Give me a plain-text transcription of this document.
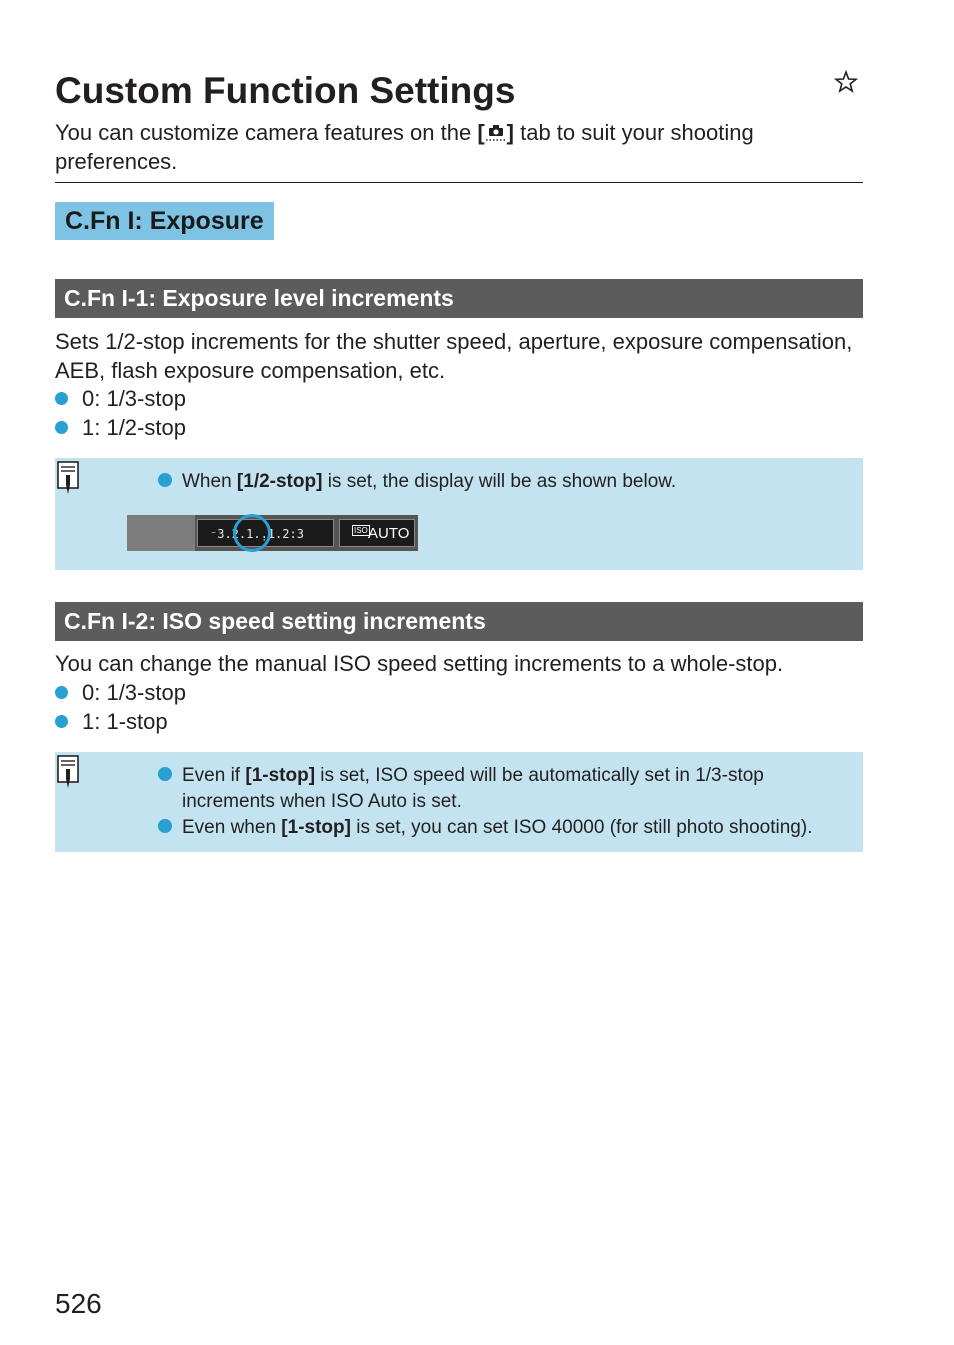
Custom Function Settings
You can customize camera features on the [ ] tab to suit your shooting preferences.
C.Fn I: Exposure
C.Fn I-1: Exposure level increments
Sets 1/2-stop increments for the shutter speed, aperture, exposure compensation, AEB, flash exposure compensation, etc.
0: 1/3-stop
1: 1/2-stop
When [1/2-stop] is set, the display will be as shown below.
⁻3.2.1.̣.1.2:3	ISO AUTO
C.Fn I-2: ISO speed setting increments
You can change the manual ISO speed setting increments to a whole-stop.
0: 1/3-stop
1: 1-stop
Even if [1-stop] is set, ISO speed will be automatically set in 1/3-stop
increments when ISO Auto is set.
Even when [1-stop] is set, you can set ISO 40000 (for still photo shooting).
526
